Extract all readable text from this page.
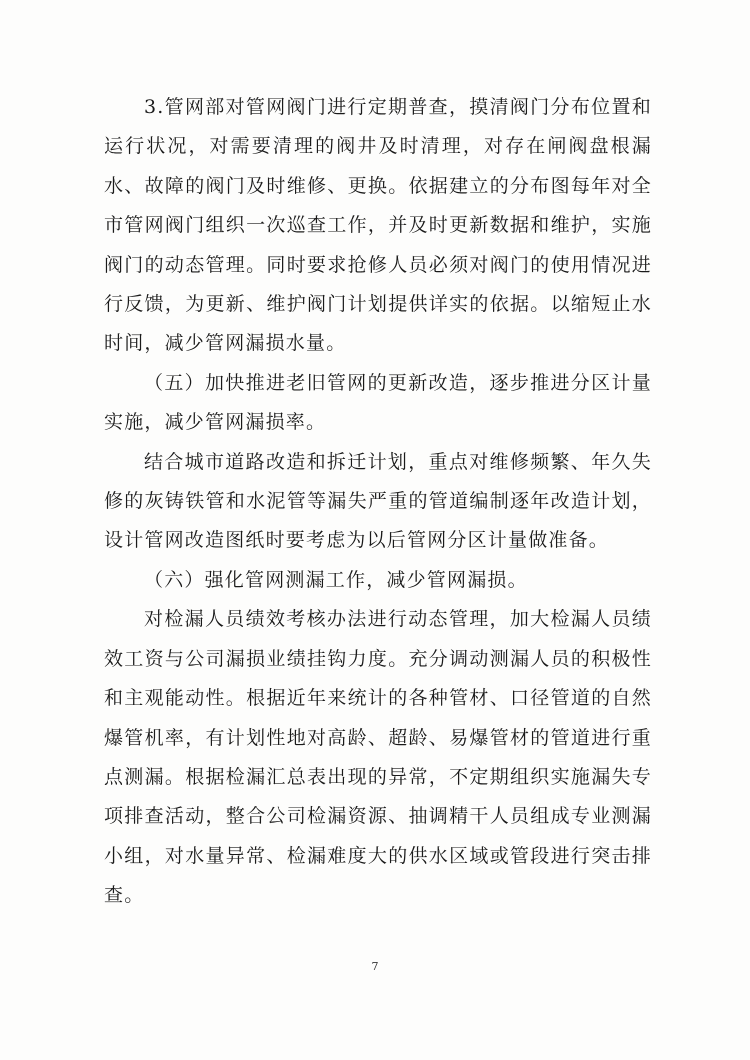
3.管网部对管网阀门进行定期普查，摸清阀门分布位置和运行状况，对需要清理的阀井及时清理，对存在闸阀盘根漏水、故障的阀门及时维修、更换。依据建立的分布图每年对全市管网阀门组织一次巡查工作，并及时更新数据和维护，实施阀门的动态管理。同时要求抢修人员必须对阀门的使用情况进行反馈，为更新、维护阀门计划提供详实的依据。以缩短止水时间，减少管网漏损水量。

（五）加快推进老旧管网的更新改造，逐步推进分区计量实施，减少管网漏损率。

结合城市道路改造和拆迁计划，重点对维修频繁、年久失修的灰铸铁管和水泥管等漏失严重的管道编制逐年改造计划，设计管网改造图纸时要考虑为以后管网分区计量做准备。

（六）强化管网测漏工作，减少管网漏损。

对检漏人员绩效考核办法进行动态管理，加大检漏人员绩效工资与公司漏损业绩挂钩力度。充分调动测漏人员的积极性和主观能动性。根据近年来统计的各种管材、口径管道的自然爆管机率，有计划性地对高龄、超龄、易爆管材的管道进行重点测漏。根据检漏汇总表出现的异常，不定期组织实施漏失专项排查活动，整合公司检漏资源、抽调精干人员组成专业测漏小组，对水量异常、检漏难度大的供水区域或管段进行突击排查。

7
